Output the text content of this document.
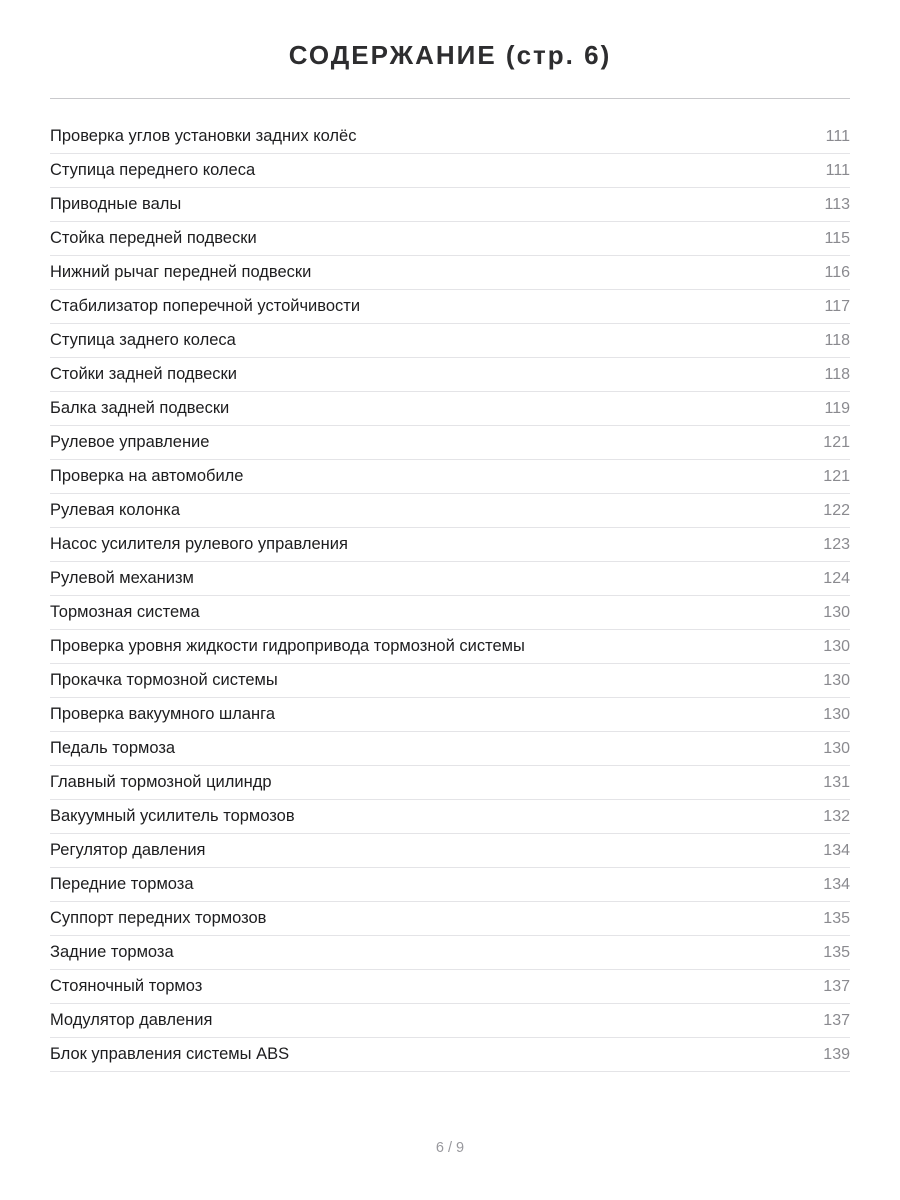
СОДЕРЖАНИЕ (стр. 6)
Проверка углов установки задних колёс	111
Ступица переднего колеса	111
Приводные валы	113
Стойка передней подвески	115
Нижний рычаг передней подвески	116
Стабилизатор поперечной устойчивости	117
Ступица заднего колеса	118
Стойки задней подвески	118
Балка задней подвески	119
Рулевое управление	121
Проверка на автомобиле	121
Рулевая колонка	122
Насос усилителя рулевого управления	123
Рулевой механизм	124
Тормозная система	130
Проверка уровня жидкости гидропривода тормозной системы	130
Прокачка тормозной системы	130
Проверка вакуумного шланга	130
Педаль тормоза	130
Главный тормозной цилиндр	131
Вакуумный усилитель тормозов	132
Регулятор давления	134
Передние тормоза	134
Суппорт передних тормозов	135
Задние тормоза	135
Стояночный тормоз	137
Модулятор давления	137
Блок управления системы ABS	139
6 / 9
